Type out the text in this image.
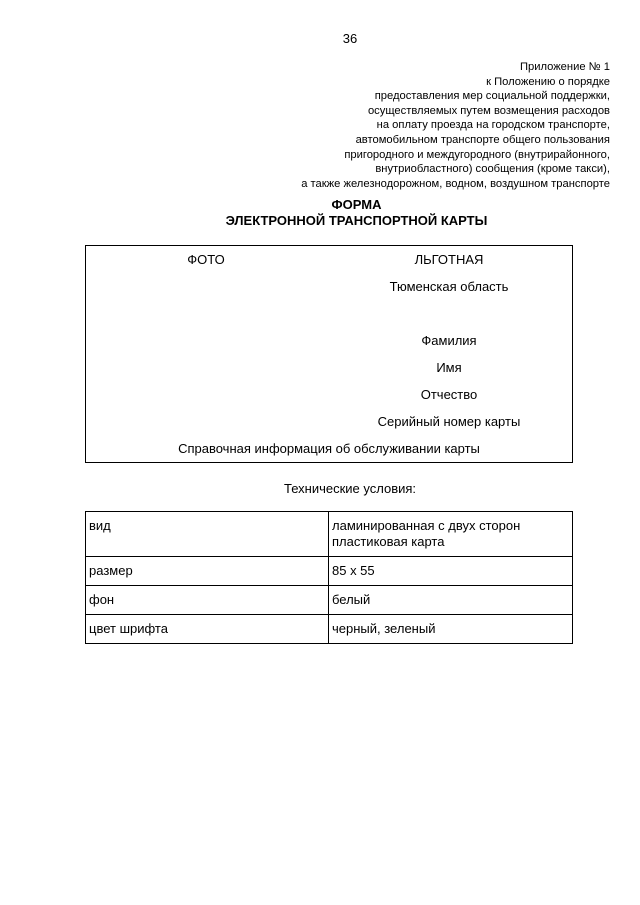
36
Приложение № 1
к Положению о порядке
предоставления мер социальной поддержки,
осуществляемых путем возмещения расходов
на оплату проезда на городском транспорте,
автомобильном транспорте общего пользования
пригородного и междугородного (внутрирайонного,
внутриобластного) сообщения (кроме такси),
а также железнодорожном, водном, воздушном транспорте
ФОРМА
ЭЛЕКТРОННОЙ ТРАНСПОРТНОЙ КАРТЫ
ФОТО	ЛЬГОТНАЯ
Тюменская область
Фамилия
Имя
Отчество
Серийный номер карты
Справочная информация об обслуживании карты
Технические условия:
вид	ламинированная с двух сторон
пластиковая карта

размер	85 x 55
фон	белый
цвет шрифта	черный, зеленый
